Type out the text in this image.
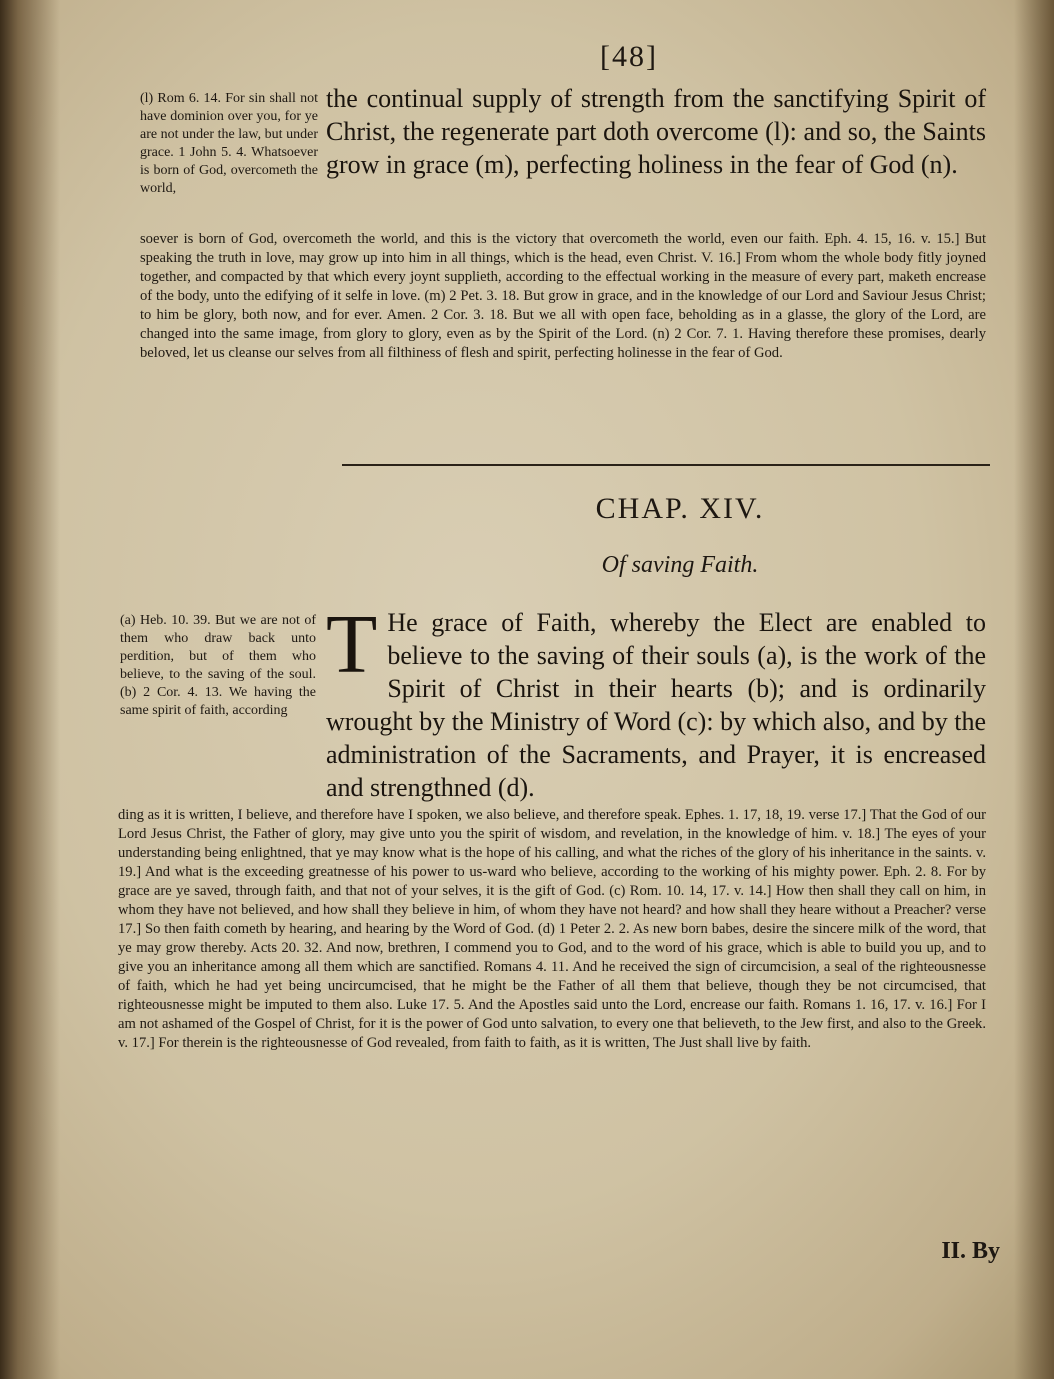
[48]
(l) Rom 6. 14. For sin shall not have dominion over you, for ye are not under the law, but under grace. 1 John 5. 4. Whatsoever is born of God, overcometh the world,
the continual supply of strength from the sanctifying Spirit of Christ, the regenerate part doth overcome (l): and so, the Saints grow in grace (m), perfecting holiness in the fear of God (n).
soever is born of God, overcometh the world, and this is the victory that overcometh the world, even our faith. Eph. 4. 15, 16. v. 15.] But speaking the truth in love, may grow up into him in all things, which is the head, even Christ. V. 16.] From whom the whole body fitly joyned together, and compacted by that which every joynt supplieth, according to the effectual working in the measure of every part, maketh encrease of the body, unto the edifying of it selfe in love. (m) 2 Pet. 3. 18. But grow in grace, and in the knowledge of our Lord and Saviour Jesus Christ; to him be glory, both now, and for ever. Amen. 2 Cor. 3. 18. But we all with open face, beholding as in a glasse, the glory of the Lord, are changed into the same image, from glory to glory, even as by the Spirit of the Lord. (n) 2 Cor. 7. 1. Having therefore these promises, dearly beloved, let us cleanse our selves from all filthiness of flesh and spirit, perfecting holinesse in the fear of God.
CHAP. XIV.
Of saving Faith.
(a) Heb. 10. 39. But we are not of them who draw back unto perdition, but of them who believe, to the saving of the soul. (b) 2 Cor. 4. 13. We having the same spirit of faith, according
T He grace of Faith, whereby the Elect are enabled to believe to the saving of their souls (a), is the work of the Spirit of Christ in their hearts (b); and is ordinarily wrought by the Ministry of Word (c): by which also, and by the administration of the Sacraments, and Prayer, it is encreased and strengthned (d).
ding as it is written, I believe, and therefore have I spoken, we also believe, and therefore speak. Ephes. 1. 17, 18, 19. verse 17.] That the God of our Lord Jesus Christ, the Father of glory, may give unto you the spirit of wisdom, and revelation, in the knowledge of him. v. 18.] The eyes of your understanding being enlightned, that ye may know what is the hope of his calling, and what the riches of the glory of his inheritance in the saints. v. 19.] And what is the exceeding greatnesse of his power to us-ward who believe, according to the working of his mighty power. Eph. 2. 8. For by grace are ye saved, through faith, and that not of your selves, it is the gift of God. (c) Rom. 10. 14, 17. v. 14.] How then shall they call on him, in whom they have not believed, and how shall they believe in him, of whom they have not heard? and how shall they heare without a Preacher? verse 17.] So then faith cometh by hearing, and hearing by the Word of God. (d) 1 Peter 2. 2. As new born babes, desire the sincere milk of the word, that ye may grow thereby. Acts 20. 32. And now, brethren, I commend you to God, and to the word of his grace, which is able to build you up, and to give you an inheritance among all them which are sanctified. Romans 4. 11. And he received the sign of circumcision, a seal of the righteousnesse of faith, which he had yet being uncircumcised, that he might be the Father of all them that believe, though they be not circumcised, that righteousnesse might be imputed to them also. Luke 17. 5. And the Apostles said unto the Lord, encrease our faith. Romans 1. 16, 17. v. 16.] For I am not ashamed of the Gospel of Christ, for it is the power of God unto salvation, to every one that believeth, to the Jew first, and also to the Greek. v. 17.] For therein is the righteousnesse of God revealed, from faith to faith, as it is written, The Just shall live by faith.
II. By
